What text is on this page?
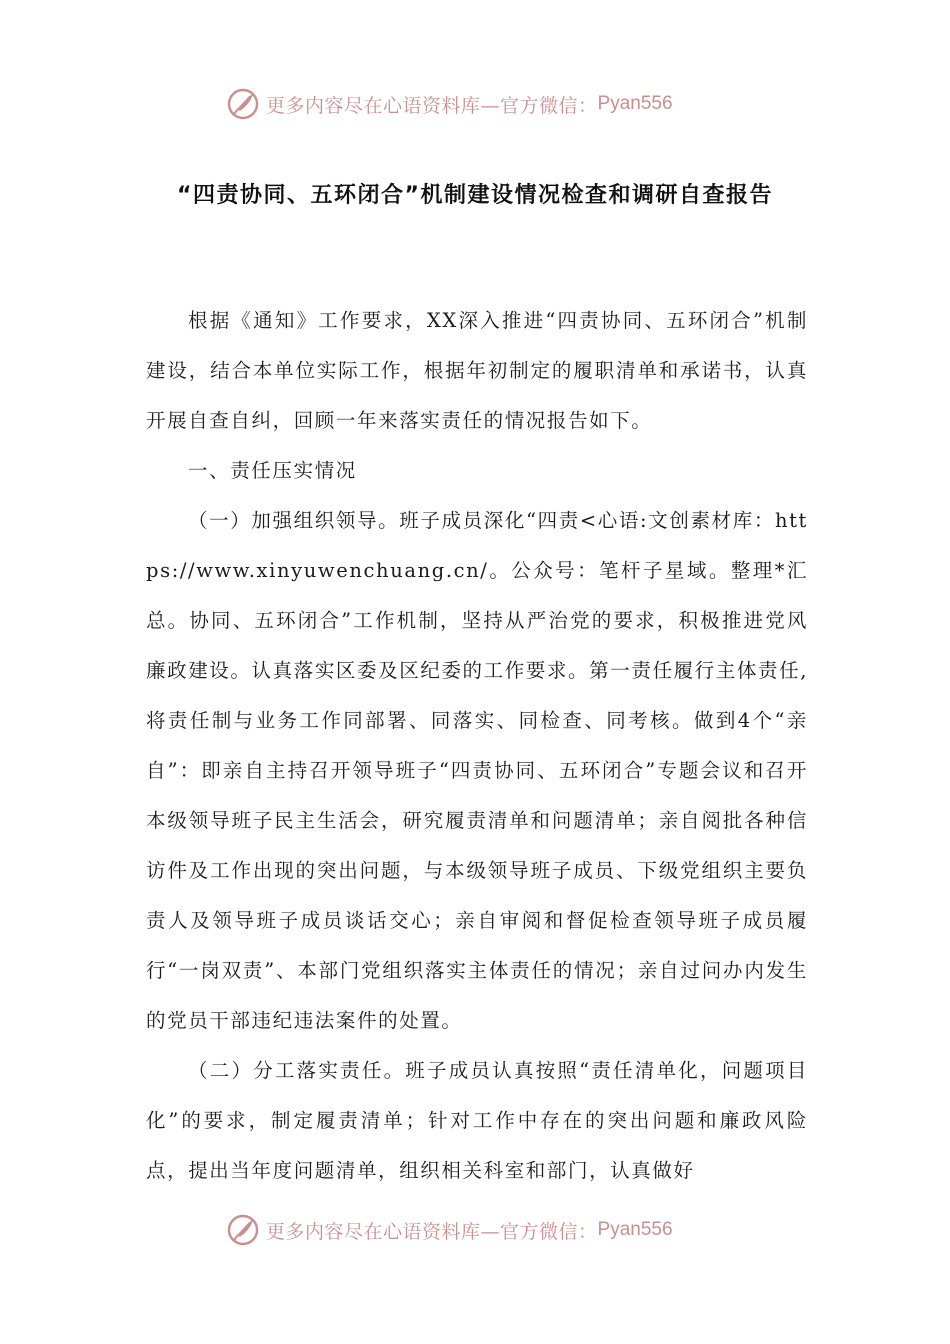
更多内容尽在心语资料库—官方微信： Pyan556
“四责协同、五环闭合”机制建设情况检查和调研自查报告

根据《通知》工作要求，XX深入推进“四责协同、五环闭合”机制建设，结合本单位实际工作，根据年初制定的履职清单和承诺书，认真开展自查自纠，回顾一年来落实责任的情况报告如下。

一、责任压实情况

（一）加强组织领导。班子成员深化“四责<心语:文创素材库：https://www.xinyuwenchuang.cn/。公众号：笔杆子星域。整理*汇总。协同、五环闭合”工作机制，坚持从严治党的要求，积极推进党风廉政建设。认真落实区委及区纪委的工作要求。第一责任履行主体责任,将责任制与业务工作同部署、同落实、同检查、同考核。做到4个“亲自”：即亲自主持召开领导班子“四责协同、五环闭合”专题会议和召开本级领导班子民主生活会，研究履责清单和问题清单；亲自阅批各种信访件及工作出现的突出问题，与本级领导班子成员、下级党组织主要负责人及领导班子成员谈话交心；亲自审阅和督促检查领导班子成员履行“一岗双责”、本部门党组织落实主体责任的情况；亲自过问办内发生的党员干部违纪违法案件的处置。

（二）分工落实责任。班子成员认真按照“责任清单化，问题项目化”的要求，制定履责清单；针对工作中存在的突出问题和廉政风险点，提出当年度问题清单，组织相关科室和部门，认真做好

更多内容尽在心语资料库—官方微信： Pyan556
